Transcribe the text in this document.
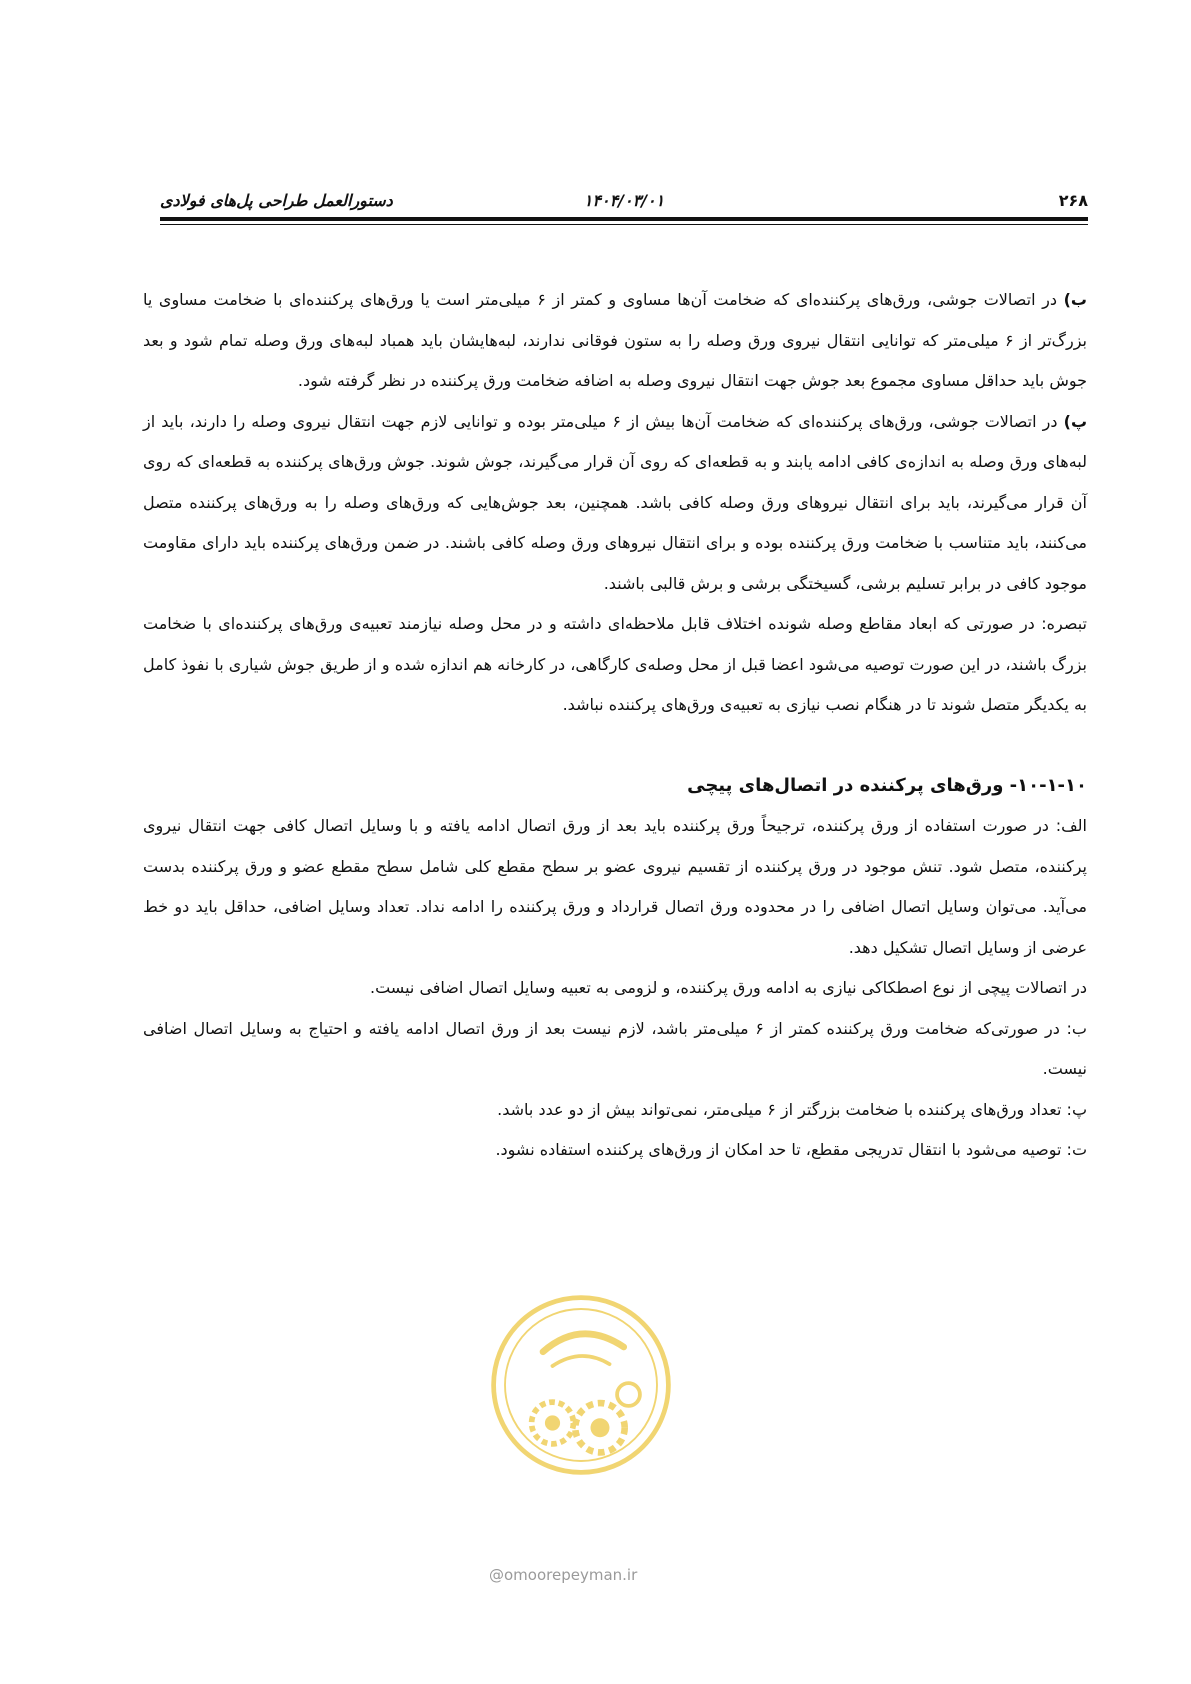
۲۶۸
۱۴۰۴/۰۳/۰۱
دستورالعمل طراحی پل‌های فولادی

ب) در اتصالات جوشی، ورق‌های پرکننده‌ای که ضخامت آن‌ها مساوی و کمتر از ۶ میلی‌متر است یا ورق‌های پرکننده‌ای با ضخامت مساوی یا بزرگ‌تر از ۶ میلی‌متر که توانایی انتقال نیروی ورق وصله را به ستون فوقانی ندارند، لبه‌هایشان باید همباد لبه‌های ورق وصله تمام شود و بعد جوش باید حداقل مساوی مجموع بعد جوش جهت انتقال نیروی وصله به اضافه ضخامت ورق پرکننده در نظر گرفته شود.

پ) در اتصالات جوشی، ورق‌های پرکننده‌ای که ضخامت آن‌ها بیش از ۶ میلی‌متر بوده و توانایی لازم جهت انتقال نیروی وصله را دارند، باید از لبه‌های ورق وصله به اندازه‌ی کافی ادامه یابند و به قطعه‌ای که روی آن قرار می‌گیرند، جوش شوند. جوش ورق‌های پرکننده به قطعه‌ای که روی آن قرار می‌گیرند، باید برای انتقال نیروهای ورق وصله کافی باشد. همچنین، بعد جوش‌هایی که ورق‌های وصله را به ورق‌های پرکننده متصل می‌کنند، باید متناسب با ضخامت ورق پرکننده بوده و برای انتقال نیروهای ورق وصله کافی باشند. در ضمن ورق‌های پرکننده باید دارای مقاومت موجود کافی در برابر تسلیم برشی، گسیختگی برشی و برش قالبی باشند.

تبصره: در صورتی که ابعاد مقاطع وصله شونده اختلاف قابل ملاحظه‌ای داشته و در محل وصله نیازمند تعبیه‌ی ورق‌های پرکننده‌ای با ضخامت بزرگ باشند، در این صورت توصیه می‌شود اعضا قبل از محل وصله‌ی کارگاهی، در کارخانه هم اندازه شده و از طریق جوش شیاری با نفوذ کامل به یکدیگر متصل شوند تا در هنگام نصب نیازی به تعبیه‌ی ورق‌های پرکننده نباشد.

۱۰-۱-۱۰- ورق‌های پرکننده در اتصال‌های پیچی

الف: در صورت استفاده از ورق پرکننده، ترجیحاً ورق پرکننده باید بعد از ورق اتصال ادامه یافته و با وسایل اتصال کافی جهت انتقال نیروی پرکننده، متصل شود. تنش موجود در ورق پرکننده از تقسیم نیروی عضو بر سطح مقطع کلی شامل سطح مقطع عضو و ورق پرکننده بدست می‌آید. می‌توان وسایل اتصال اضافی را در محدوده ورق اتصال قرارداد و ورق پرکننده را ادامه نداد. تعداد وسایل اضافی، حداقل باید دو خط عرضی از وسایل اتصال تشکیل دهد.

در اتصالات پیچی از نوع اصطکاکی نیازی به ادامه ورق پرکننده، و لزومی به تعبیه وسایل اتصال اضافی نیست.

ب: در صورتی‌که ضخامت ورق پرکننده کمتر از ۶ میلی‌متر باشد، لازم نیست بعد از ورق اتصال ادامه یافته و احتیاج به وسایل اتصال اضافی نیست.

پ: تعداد ورق‌های پرکننده با ضخامت بزرگتر از ۶ میلی‌متر، نمی‌تواند بیش از دو عدد باشد.

ت: توصیه می‌شود با انتقال تدریجی مقطع، تا حد امکان از ورق‌های پرکننده استفاده نشود.

@omoorepeyman.ir
